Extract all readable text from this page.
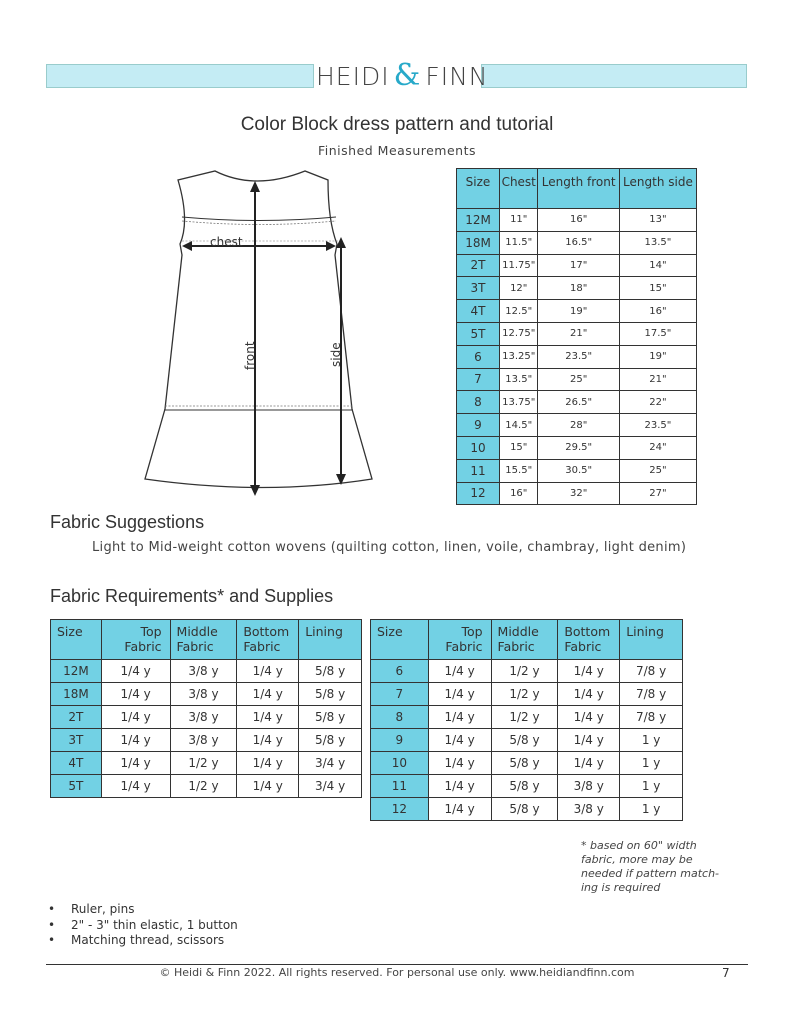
HEIDI & FINN
Color Block dress pattern and tutorial
Finished Measurements
chest
front	side
Size	Chest	Length front	Length side
12M	11"	16"	13"
18M	11.5"	16.5"	13.5"
2T	11.75"	17"	14"
3T	12"	18"	15"
4T	12.5"	19"	16"
5T	12.75"	21"	17.5"
6	13.25"	23.5"	19"
7	13.5"	25"	21"
8	13.75"	26.5"	22"
9	14.5"	28"	23.5"
10	15"	29.5"	24"
11	15.5"	30.5"	25"
12	16"	32"	27"
Fabric Suggestions
Light to Mid-weight cotton wovens (quilting cotton, linen, voile, chambray, light denim)
Fabric Requirements* and Supplies
Size	Top Fabric	Middle Fabric	Bottom Fabric	Lining
12M	1/4 y	3/8 y	1/4 y	5/8 y
18M	1/4 y	3/8 y	1/4 y	5/8 y
2T	1/4 y	3/8 y	1/4 y	5/8 y
3T	1/4 y	3/8 y	1/4 y	5/8 y
4T	1/4 y	1/2 y	1/4 y	3/4 y
5T	1/4 y	1/2 y	1/4 y	3/4 y
Size	Top Fabric	Middle Fabric	Bottom Fabric	Lining
6	1/4 y	1/2 y	1/4 y	7/8 y
7	1/4 y	1/2 y	1/4 y	7/8 y
8	1/4 y	1/2 y	1/4 y	7/8 y
9	1/4 y	5/8 y	1/4 y	1 y
10	1/4 y	5/8 y	1/4 y	1 y
11	1/4 y	5/8 y	3/8 y	1 y
12	1/4 y	5/8 y	3/8 y	1 y
* based on 60" width
fabric, more may be
needed if pattern match-
ing is required
• Ruler, pins
• 2" - 3" thin elastic, 1 button
• Matching thread, scissors
© Heidi & Finn 2022. All rights reserved. For personal use only. www.heidiandfinn.com	7
